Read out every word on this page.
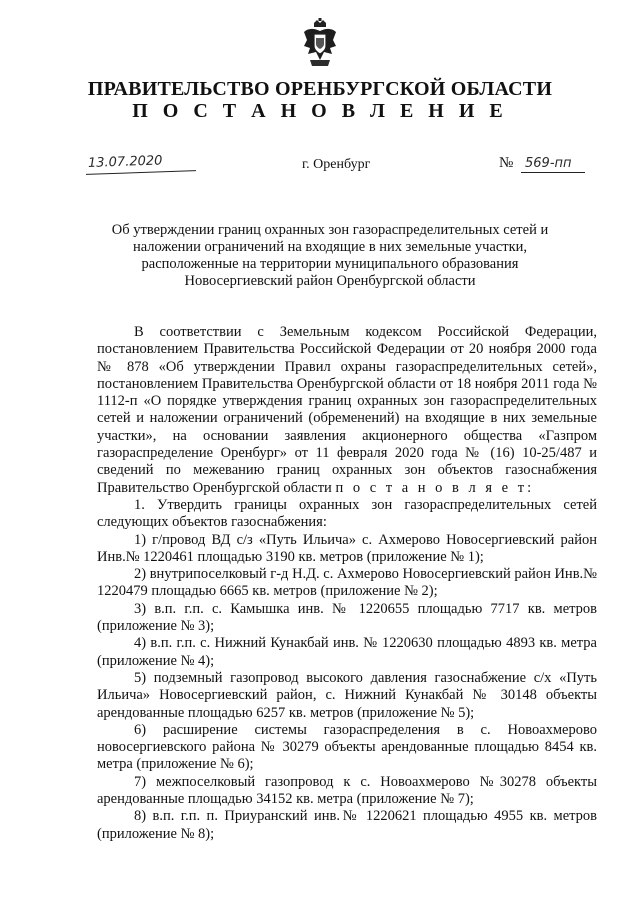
ПРАВИТЕЛЬСТВО ОРЕНБУРГСКОЙ ОБЛАСТИ
П О С Т А Н О В Л Е Н И Е
13.07.2020	г. Оренбург	№ 569-пп
Об утверждении границ охранных зон газораспределительных сетей и наложении ограничений на входящие в них земельные участки, расположенные на территории муниципального образования Новосергиевский район Оренбургской области

В соответствии с Земельным кодексом Российской Федерации, постановлением Правительства Российской Федерации от 20 ноября 2000 года № 878 «Об утверждении Правил охраны газораспределительных сетей», постановлением Правительства Оренбургской области от 18 ноября 2011 года № 1112-п «О порядке утверждения границ охранных зон газораспределительных сетей и наложении ограничений (обременений) на входящие в них земельные участки», на основании заявления акционерного общества «Газпром газораспределение Оренбург» от 11 февраля 2020 года № (16) 10-25/487 и сведений по межеванию границ охранных зон объектов газоснабжения Правительство Оренбургской области п о с т а н о в л я е т:

1. Утвердить границы охранных зон газораспределительных сетей следующих объектов газоснабжения:

1) г/провод ВД с/з «Путь Ильича» с. Ахмерово Новосергиевский район Инв.№ 1220461 площадью 3190 кв. метров (приложение № 1);

2) внутрипоселковый г-д Н.Д. с. Ахмерово Новосергиевский район Инв.№ 1220479 площадью 6665 кв. метров (приложение № 2);

3) в.п. г.п. с. Камышка инв. № 1220655 площадью 7717 кв. метров (приложение № 3);

4) в.п. г.п. с. Нижний Кунакбай инв. № 1220630 площадью 4893 кв. метра (приложение № 4);

5) подземный газопровод высокого давления газоснабжение с/х «Путь Ильича» Новосергиевский район, с. Нижний Кунакбай № 30148 объекты арендованные площадью 6257 кв. метров (приложение № 5);

6) расширение системы газораспределения в с. Новоахмерово новосергиевского района № 30279 объекты арендованные площадью 8454 кв. метра (приложение № 6);

7) межпоселковый газопровод к с. Новоахмерово №30278 объекты арендованные площадью 34152 кв. метра (приложение № 7);

8) в.п. г.п. п. Приуранский инв.№ 1220621 площадью 4955 кв. метров (приложение № 8);
